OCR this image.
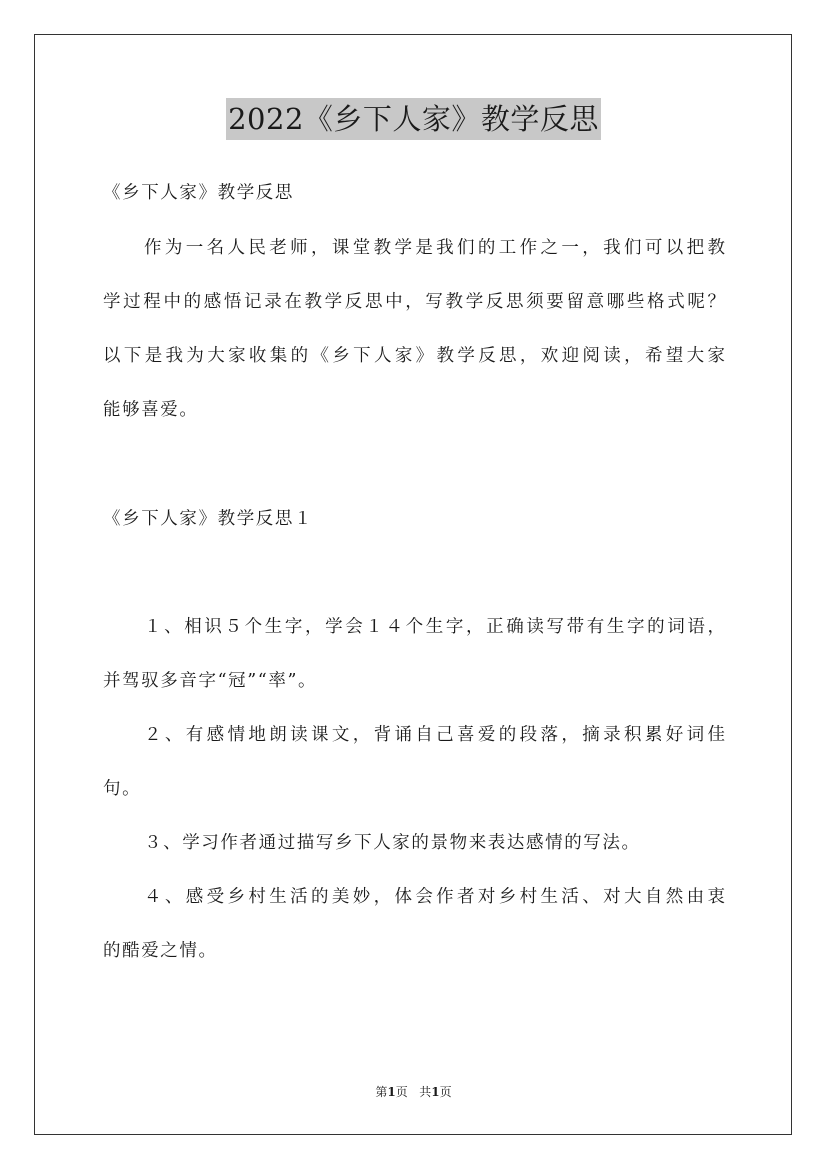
2022《乡下人家》教学反思
《乡下人家》教学反思
作为一名人民老师，课堂教学是我们的工作之一，我们可以把教
学过程中的感悟记录在教学反思中，写教学反思须要留意哪些格式呢？
以下是我为大家收集的《乡下人家》教学反思，欢迎阅读，希望大家
能够喜爱。
《乡下人家》教学反思１
１、相识５个生字，学会１４个生字，正确读写带有生字的词语，
并驾驭多音字“冠”“率”。
２、有感情地朗读课文，背诵自己喜爱的段落，摘录积累好词佳
句。
３、学习作者通过描写乡下人家的景物来表达感情的写法。
４、感受乡村生活的美妙，体会作者对乡村生活、对大自然由衷
的酷爱之情。
第1页   共1页
